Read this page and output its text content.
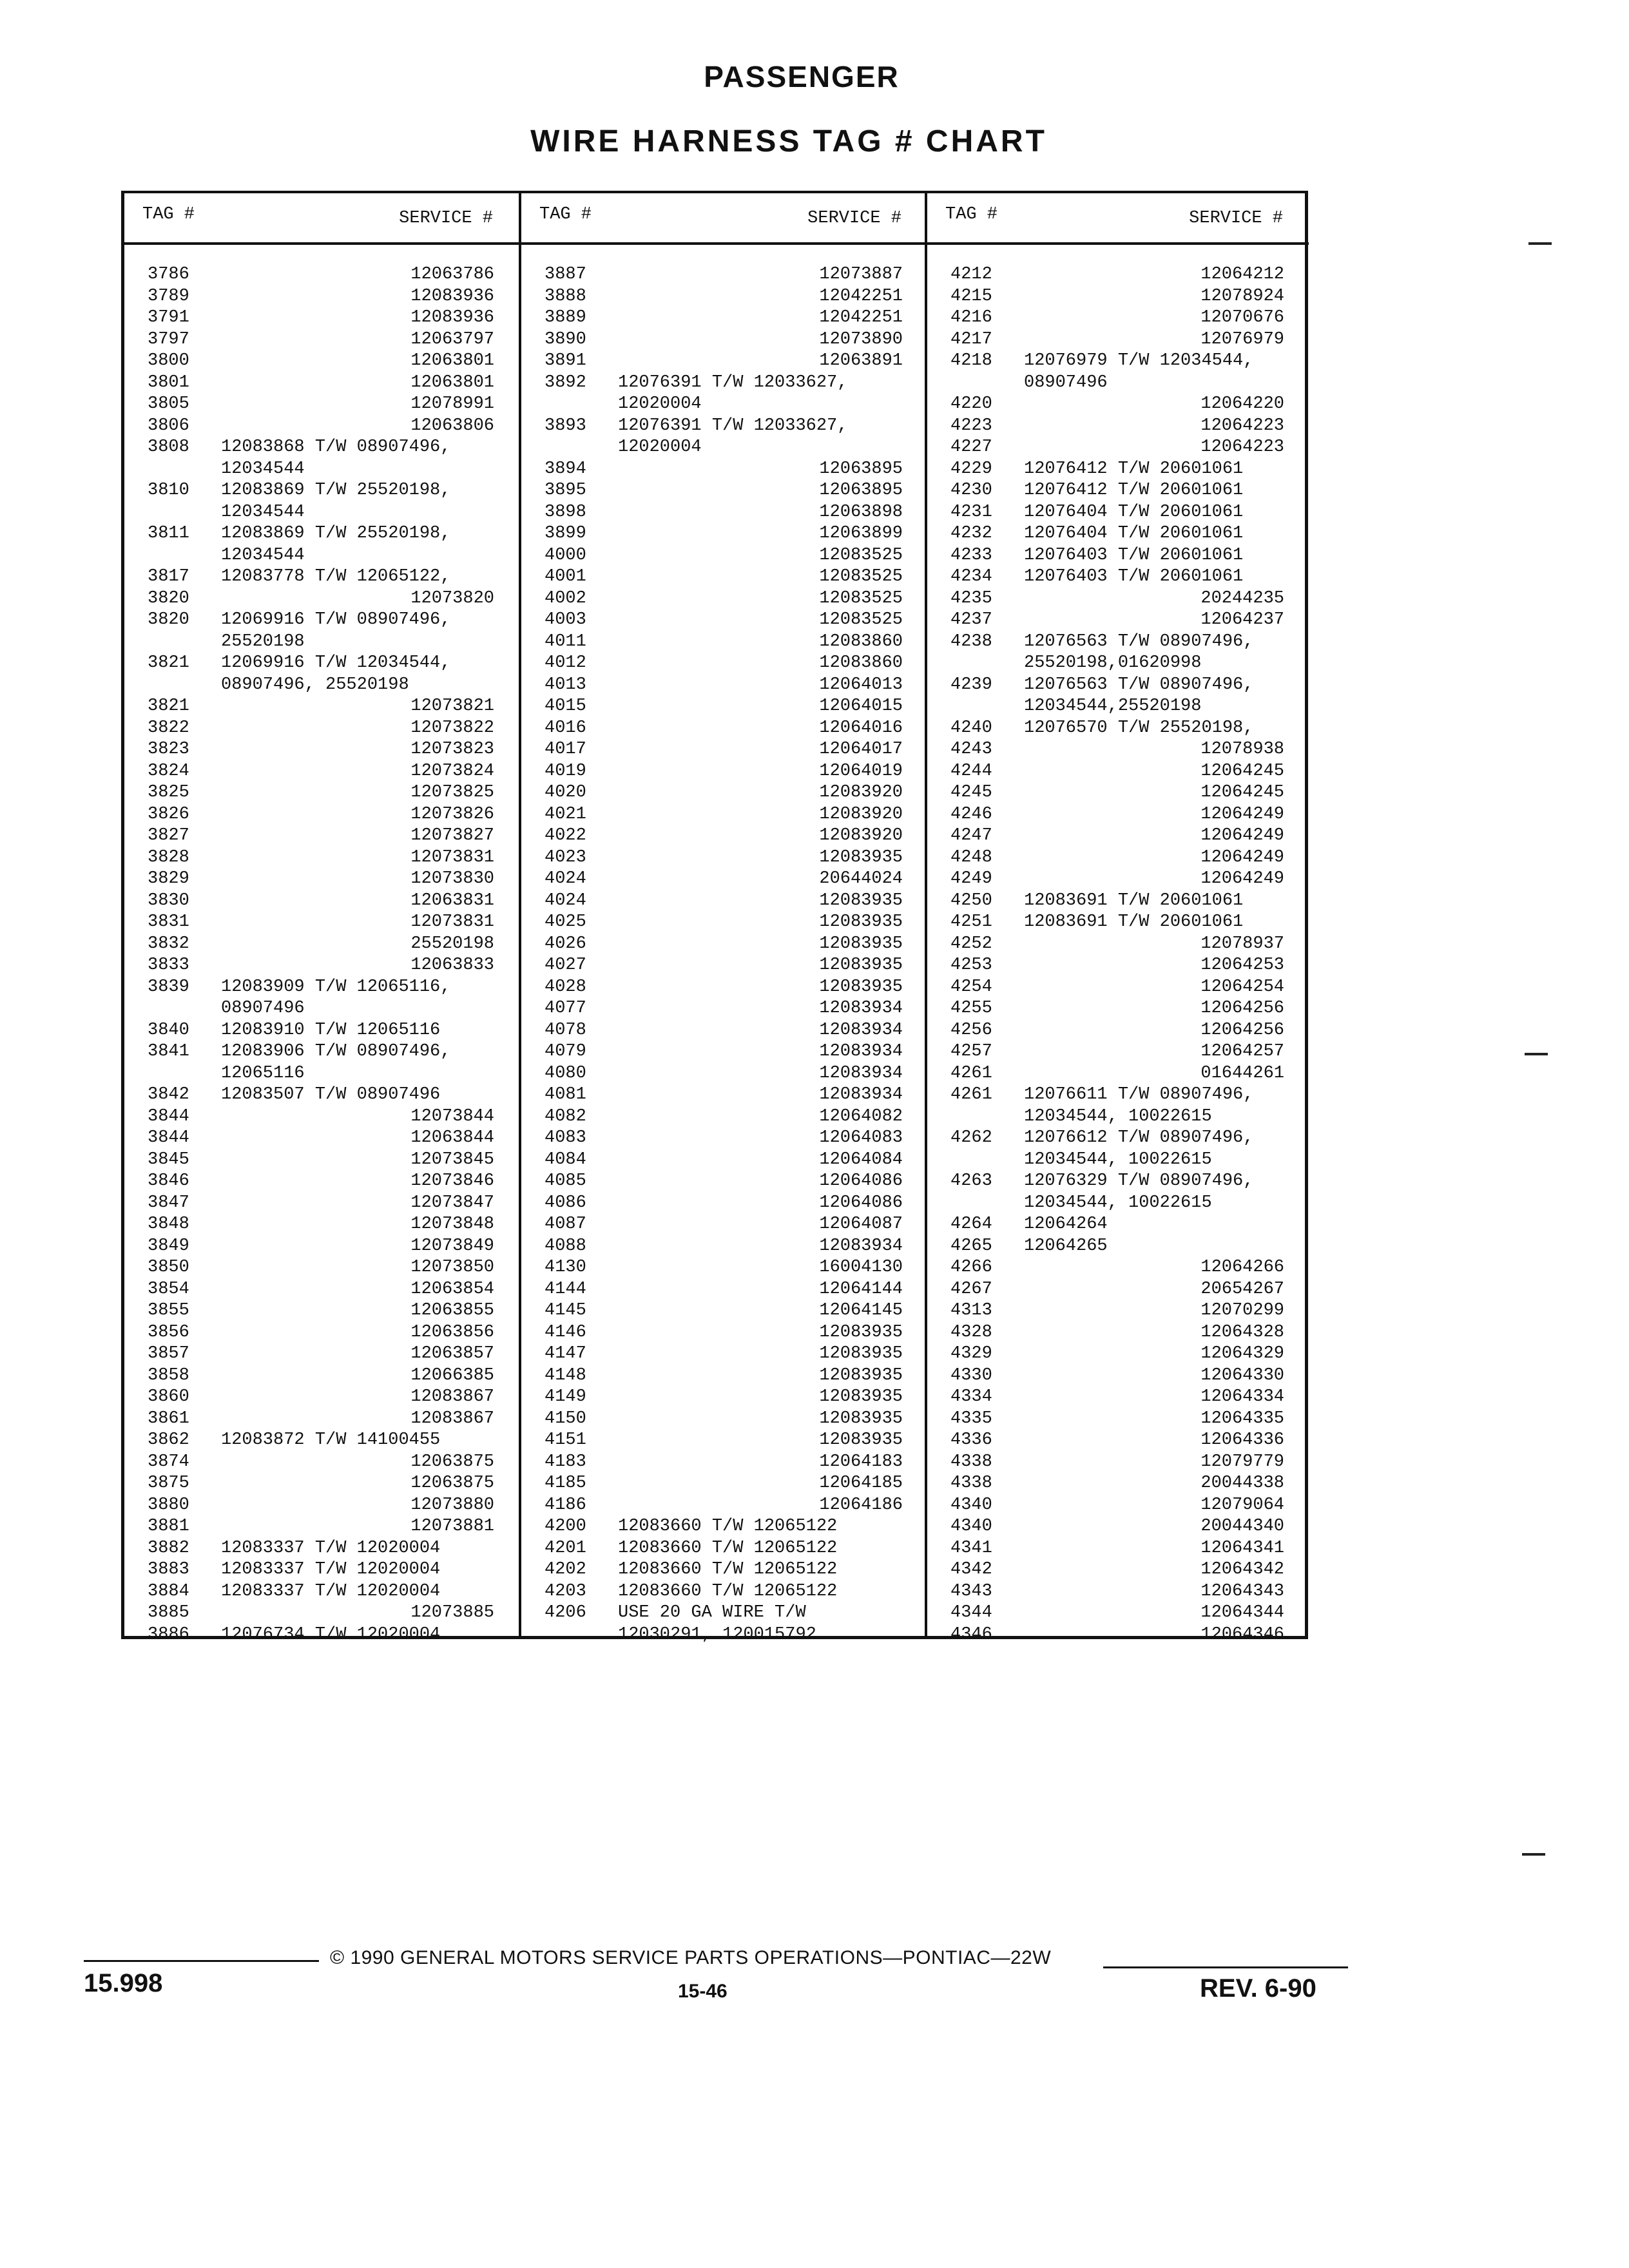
PASSENGER
WIRE HARNESS TAG # CHART
TAG #	SERVICE #
3786	12063786
3789	12083936
3791	12083936
3797	12063797
3800	12063801
3801	12063801
3805	12078991
3806	12063806
3808	12083868 T/W 08907496,
12034544
3810	12083869 T/W 25520198,
12034544
3811	12083869 T/W 25520198,
12034544
3817	12083778 T/W 12065122,
3820	12073820
3820	12069916 T/W 08907496,
25520198
3821	12069916 T/W 12034544,
08907496, 25520198
3821	12073821
3822	12073822
3823	12073823
3824	12073824
3825	12073825
3826	12073826
3827	12073827
3828	12073831
3829	12073830
3830	12063831
3831	12073831
3832	25520198
3833	12063833
3839	12083909 T/W 12065116,
08907496
3840	12083910 T/W 12065116
3841	12083906 T/W 08907496,
12065116
3842	12083507 T/W 08907496
3844	12073844
3844	12063844
3845	12073845
3846	12073846
3847	12073847
3848	12073848
3849	12073849
3850	12073850
3854	12063854
3855	12063855
3856	12063856
3857	12063857
3858	12066385
3860	12083867
3861	12083867
3862	12083872 T/W 14100455
3874	12063875
3875	12063875
3880	12073880
3881	12073881
3882	12083337 T/W 12020004
3883	12083337 T/W 12020004
3884	12083337 T/W 12020004
3885	12073885
3886	12076734 T/W 12020004
TAG #	SERVICE #
3887	12073887
3888	12042251
3889	12042251
3890	12073890
3891	12063891
3892	12076391 T/W 12033627,
12020004
3893	12076391 T/W 12033627,
12020004
3894	12063895
3895	12063895
3898	12063898
3899	12063899
4000	12083525
4001	12083525
4002	12083525
4003	12083525
4011	12083860
4012	12083860
4013	12064013
4015	12064015
4016	12064016
4017	12064017
4019	12064019
4020	12083920
4021	12083920
4022	12083920
4023	12083935
4024	20644024
4024	12083935
4025	12083935
4026	12083935
4027	12083935
4028	12083935
4077	12083934
4078	12083934
4079	12083934
4080	12083934
4081	12083934
4082	12064082
4083	12064083
4084	12064084
4085	12064086
4086	12064086
4087	12064087
4088	12083934
4130	16004130
4144	12064144
4145	12064145
4146	12083935
4147	12083935
4148	12083935
4149	12083935
4150	12083935
4151	12083935
4183	12064183
4185	12064185
4186	12064186
4200	12083660 T/W 12065122
4201	12083660 T/W 12065122
4202	12083660 T/W 12065122
4203	12083660 T/W 12065122
4206	USE 20 GA WIRE T/W
12030291, 120015792
TAG #	SERVICE #
4212	12064212
4215	12078924
4216	12070676
4217	12076979
4218	12076979 T/W 12034544,
08907496
4220	12064220
4223	12064223
4227	12064223
4229	12076412 T/W 20601061
4230	12076412 T/W 20601061
4231	12076404 T/W 20601061
4232	12076404 T/W 20601061
4233	12076403 T/W 20601061
4234	12076403 T/W 20601061
4235	20244235
4237	12064237
4238	12076563 T/W 08907496,
25520198,01620998
4239	12076563 T/W 08907496,
12034544,25520198
4240	12076570 T/W 25520198,
4243	12078938
4244	12064245
4245	12064245
4246	12064249
4247	12064249
4248	12064249
4249	12064249
4250	12083691 T/W 20601061
4251	12083691 T/W 20601061
4252	12078937
4253	12064253
4254	12064254
4255	12064256
4256	12064256
4257	12064257
4261	01644261
4261	12076611 T/W 08907496,
12034544, 10022615
4262	12076612 T/W 08907496,
12034544, 10022615
4263	12076329 T/W 08907496,
12034544, 10022615
4264	12064264
4265	12064265
4266	12064266
4267	20654267
4313	12070299
4328	12064328
4329	12064329
4330	12064330
4334	12064334
4335	12064335
4336	12064336
4338	12079779
4338	20044338
4340	12079064
4340	20044340
4341	12064341
4342	12064342
4343	12064343
4344	12064344
4346	12064346
© 1990 GENERAL MOTORS SERVICE PARTS OPERATIONS—PONTIAC—22W
15-46
15.998	REV. 6-90
